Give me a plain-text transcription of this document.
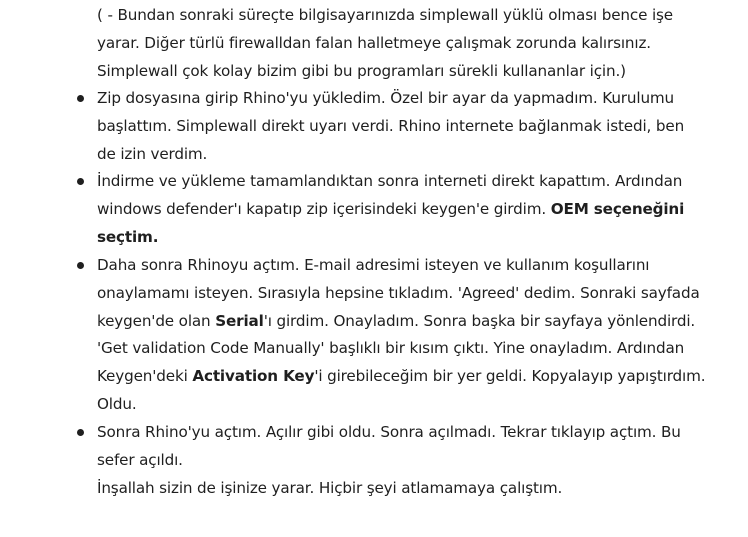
( - Bundan sonraki süreçte bilgisayarınızda simplewall yüklü olması bence işe
yarar. Diğer türlü firewalldan falan halletmeye çalışmak zorunda kalırsınız.
Simplewall çok kolay bizim gibi bu programları sürekli kullananlar için.)
Zip dosyasına girip Rhino'yu yükledim. Özel bir ayar da yapmadım. Kurulumu
başlattım. Simplewall direkt uyarı verdi. Rhino internete bağlanmak istedi, ben
de izin verdim.
İndirme ve yükleme tamamlandıktan sonra interneti direkt kapattım. Ardından
windows defender'ı kapatıp zip içerisindeki keygen'e girdim. OEM seçeneğini
seçtim.
Daha sonra Rhinoyu açtım. E-mail adresimi isteyen ve kullanım koşullarını
onaylamamı isteyen. Sırasıyla hepsine tıkladım. 'Agreed' dedim. Sonraki sayfada
keygen'de olan Serial'ı girdim. Onayladım. Sonra başka bir sayfaya yönlendirdi.
'Get validation Code Manually' başlıklı bir kısım çıktı. Yine onayladım. Ardından
Keygen'deki Activation Key'i girebileceğim bir yer geldi. Kopyalayıp yapıştırdım.
Oldu.
Sonra Rhino'yu açtım. Açılır gibi oldu. Sonra açılmadı. Tekrar tıklayıp açtım. Bu
sefer açıldı.
İnşallah sizin de işinize yarar. Hiçbir şeyi atlamamaya çalıştım.
